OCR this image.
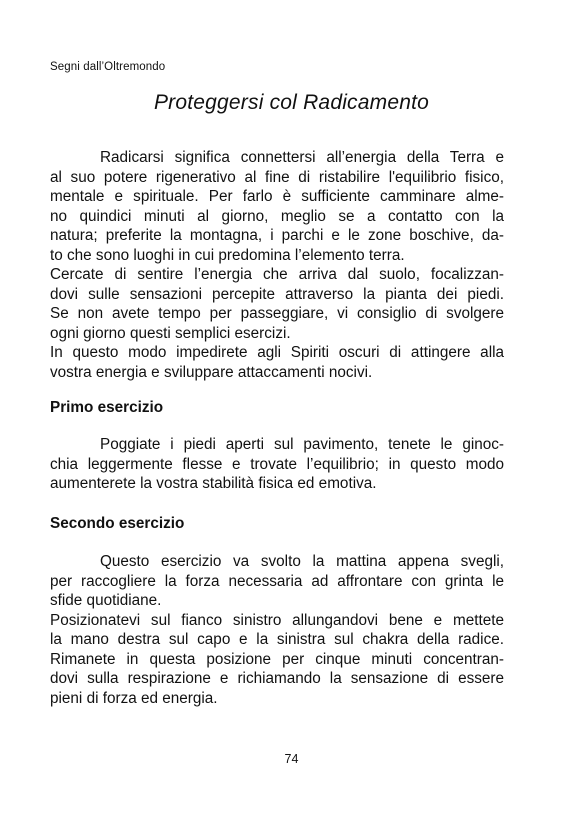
Segni dall’Oltremondo
Proteggersi col Radicamento
Radicarsi significa connettersi all’energia della Terra e
al suo potere rigenerativo al fine di ristabilire l'equilibrio fisico,
mentale e spirituale. Per farlo è sufficiente camminare alme-
no quindici minuti al giorno, meglio se a contatto con la
natura; preferite la montagna, i parchi e le zone boschive, da-
to che sono luoghi in cui predomina l’elemento terra.
Cercate di sentire l’energia che arriva dal suolo, focalizzan-
dovi sulle sensazioni percepite attraverso la pianta dei piedi.
Se non avete tempo per passeggiare, vi consiglio di svolgere
ogni giorno questi semplici esercizi.
In questo modo impedirete agli Spiriti oscuri di attingere alla
vostra energia e sviluppare attaccamenti nocivi.
Primo esercizio
Poggiate i piedi aperti sul pavimento, tenete le ginoc-
chia leggermente flesse e trovate l’equilibrio; in questo modo
aumenterete la vostra stabilità fisica ed emotiva.
Secondo esercizio
Questo esercizio va svolto la mattina appena svegli,
per raccogliere la forza necessaria ad affrontare con grinta le
sfide quotidiane.
Posizionatevi sul fianco sinistro allungandovi bene e mettete
la mano destra sul capo e la sinistra sul chakra della radice.
Rimanete in questa posizione per cinque minuti concentran-
dovi sulla respirazione e richiamando la sensazione di essere
pieni di forza ed energia.
74
